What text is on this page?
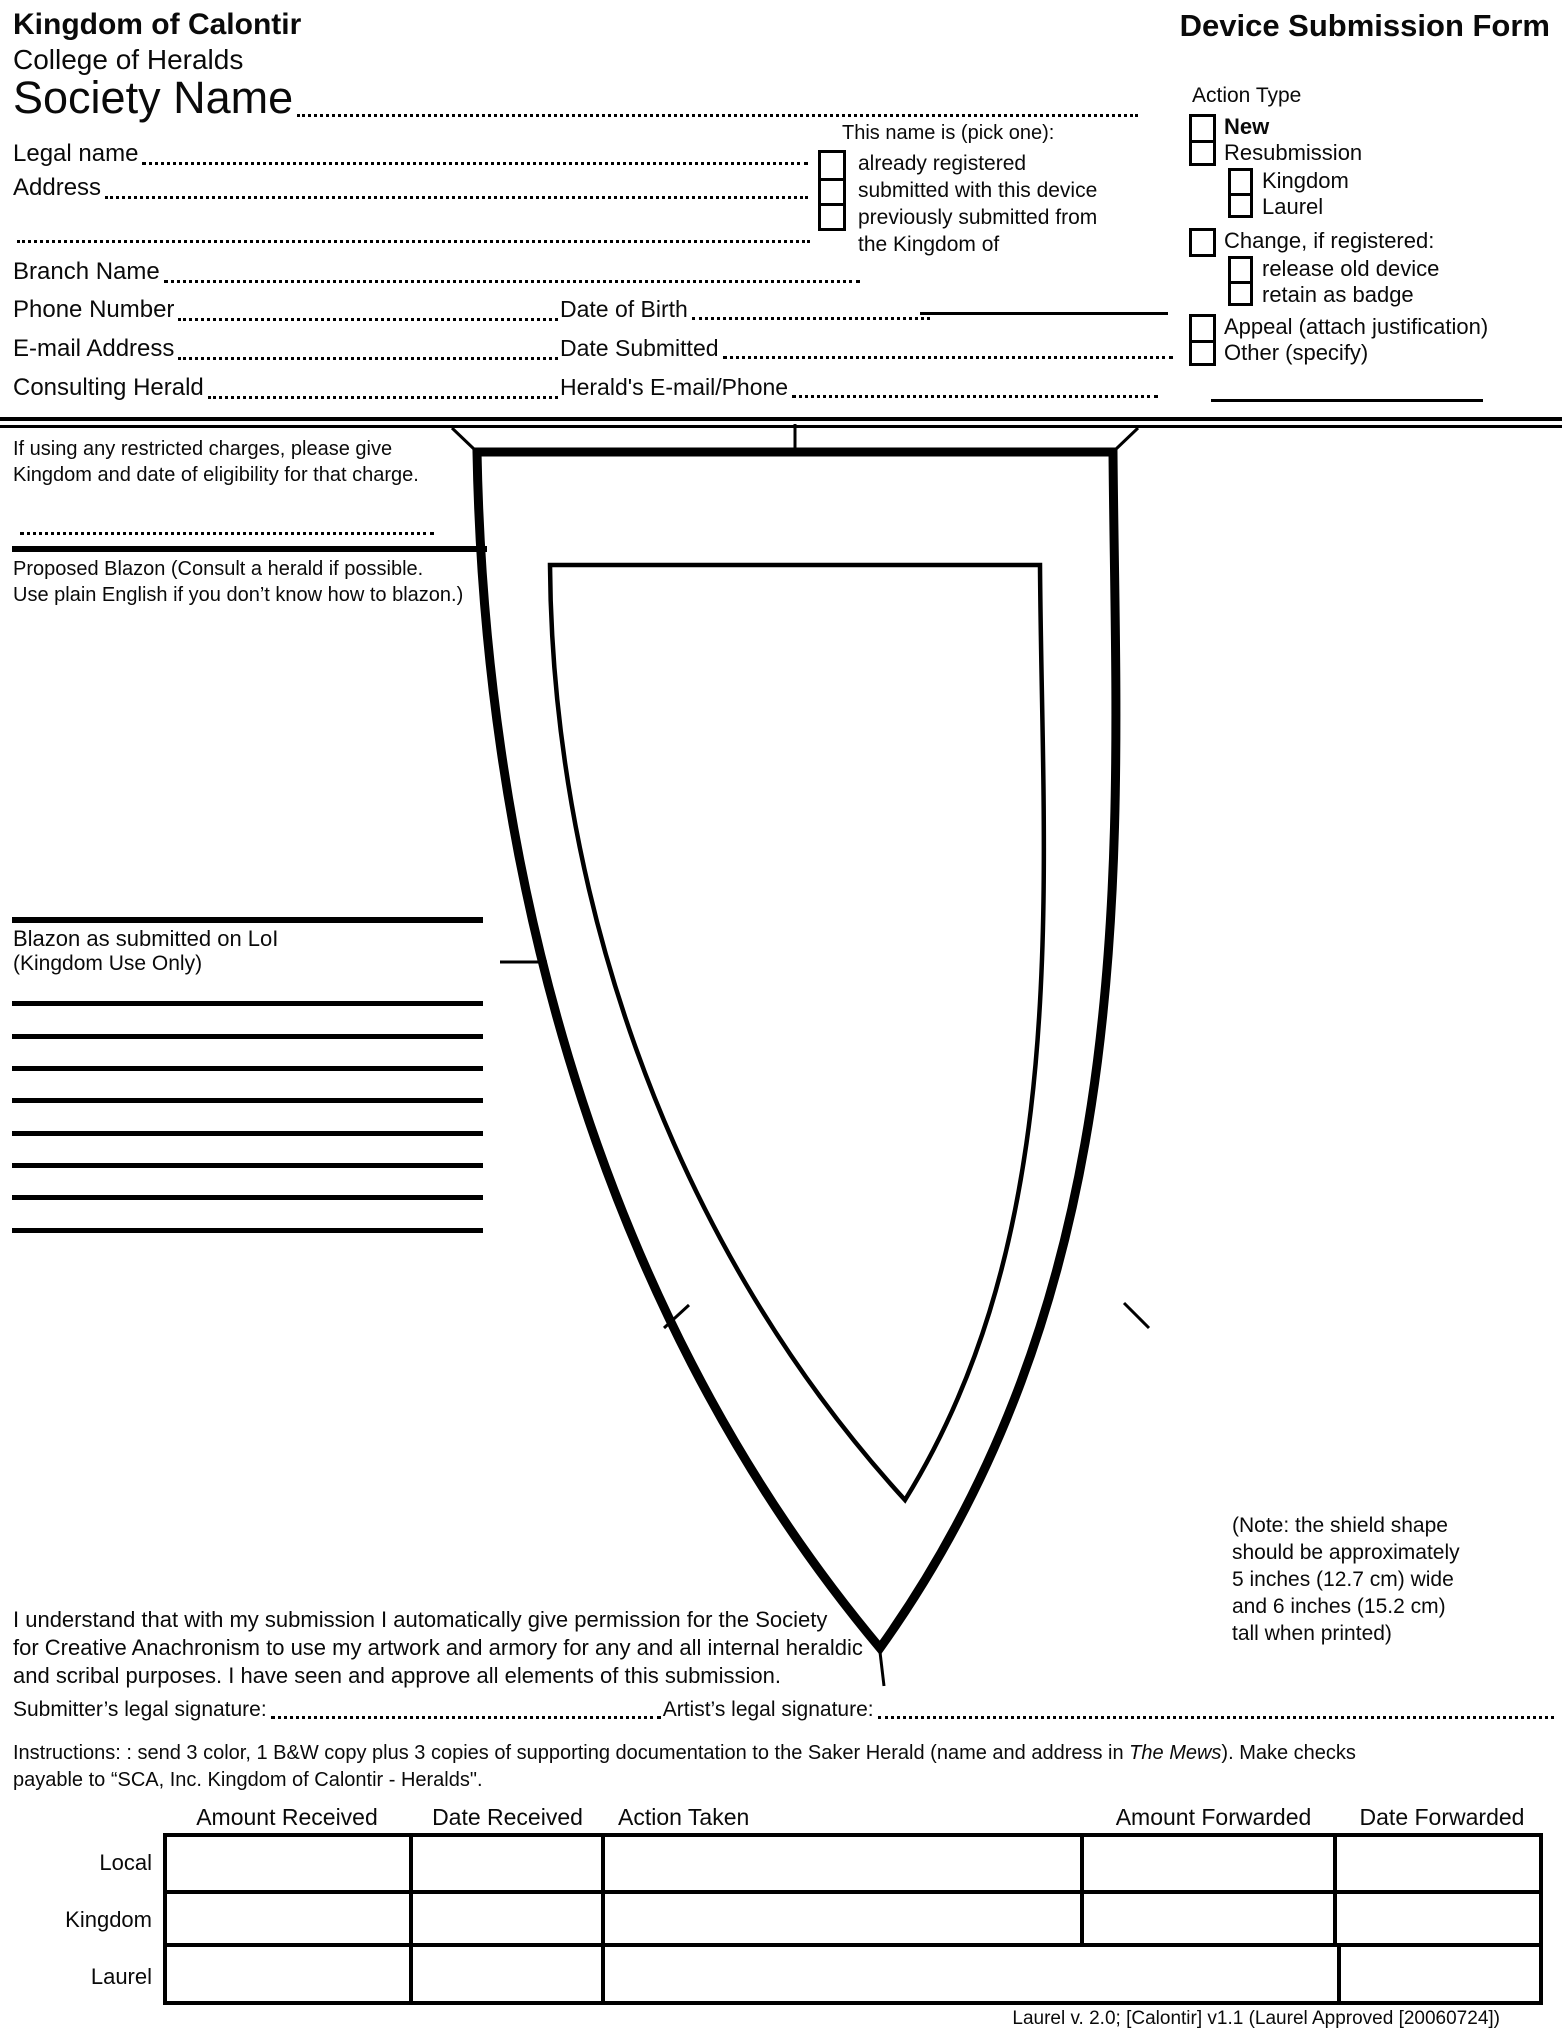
Kingdom of Calontir
College of Heralds
Device Submission Form
Society Name
Legal name
Address
Branch Name
Phone Number	Date of Birth
E-mail Address	Date Submitted
Consulting Herald	Herald's E-mail/Phone
This name is (pick one):
already registered
submitted with this device
previously submitted from
the Kingdom of
Action Type
New
Resubmission
Kingdom
Laurel
Change, if registered:
release old device
retain as badge
Appeal (attach justification)
Other (specify)
If using any restricted charges, please give
Kingdom and date of eligibility for that charge.
Proposed Blazon (Consult a herald if possible.
Use plain English if you don’t know how to blazon.)
Blazon as submitted on LoI
(Kingdom Use Only)
(Note: the shield shape
should be approximately
5 inches (12.7 cm) wide
and 6 inches (15.2 cm)
tall when printed)
I understand that with my submission I automatically give permission for the Society
for Creative Anachronism to use my artwork and armory for any and all internal heraldic
and scribal purposes. I have seen and approve all elements of this submission.
Submitter’s legal signature:	Artist’s legal signature:
Instructions: : send 3 color, 1 B&W copy plus 3 copies of supporting documentation to the Saker Herald (name and address in The Mews). Make checks
payable to “SCA, Inc. Kingdom of Calontir - Heralds".
Amount Received	Date Received	Action Taken	Amount Forwarded	Date Forwarded
Local
Kingdom
Laurel
Laurel v. 2.0; [Calontir] v1.1 (Laurel Approved [20060724])
